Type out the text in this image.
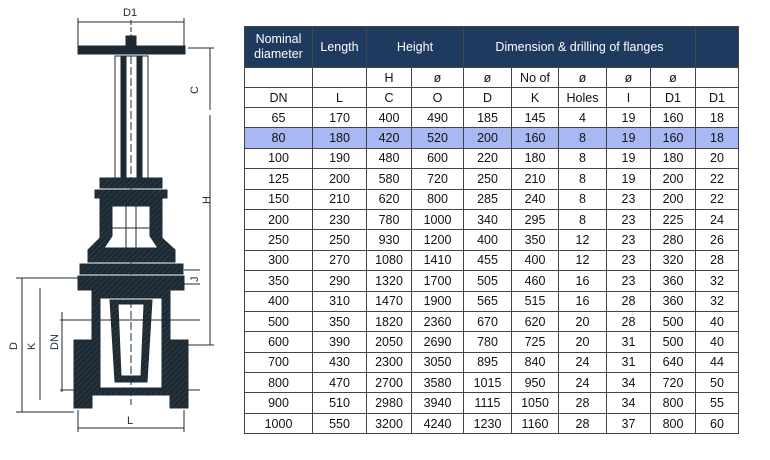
D1
C
H
d1
D K DN
L
J
Nominal diameter	Length	Height		Dimension & drilling of flanges					
		H	ø	ø	No of	ø	ø	ø	
DN	L	C	O	D	K	Holes	I	D1	D1
65	170	400	490	185	145	4	19	160	18
80	180	420	520	200	160	8	19	160	18
100	190	480	600	220	180	8	19	180	20
125	200	580	720	250	210	8	19	200	22
150	210	620	800	285	240	8	23	200	22
200	230	780	1000	340	295	8	23	225	24
250	250	930	1200	400	350	12	23	280	26
300	270	1080	1410	455	400	12	23	320	28
350	290	1320	1700	505	460	16	23	360	32
400	310	1470	1900	565	515	16	28	360	32
500	350	1820	2360	670	620	20	28	500	40
600	390	2050	2690	780	725	20	31	500	40
700	430	2300	3050	895	840	24	31	640	44
800	470	2700	3580	1015	950	24	34	720	50
900	510	2980	3940	1115	1050	28	34	800	55
1000	550	3200	4240	1230	1160	28	37	800	60
